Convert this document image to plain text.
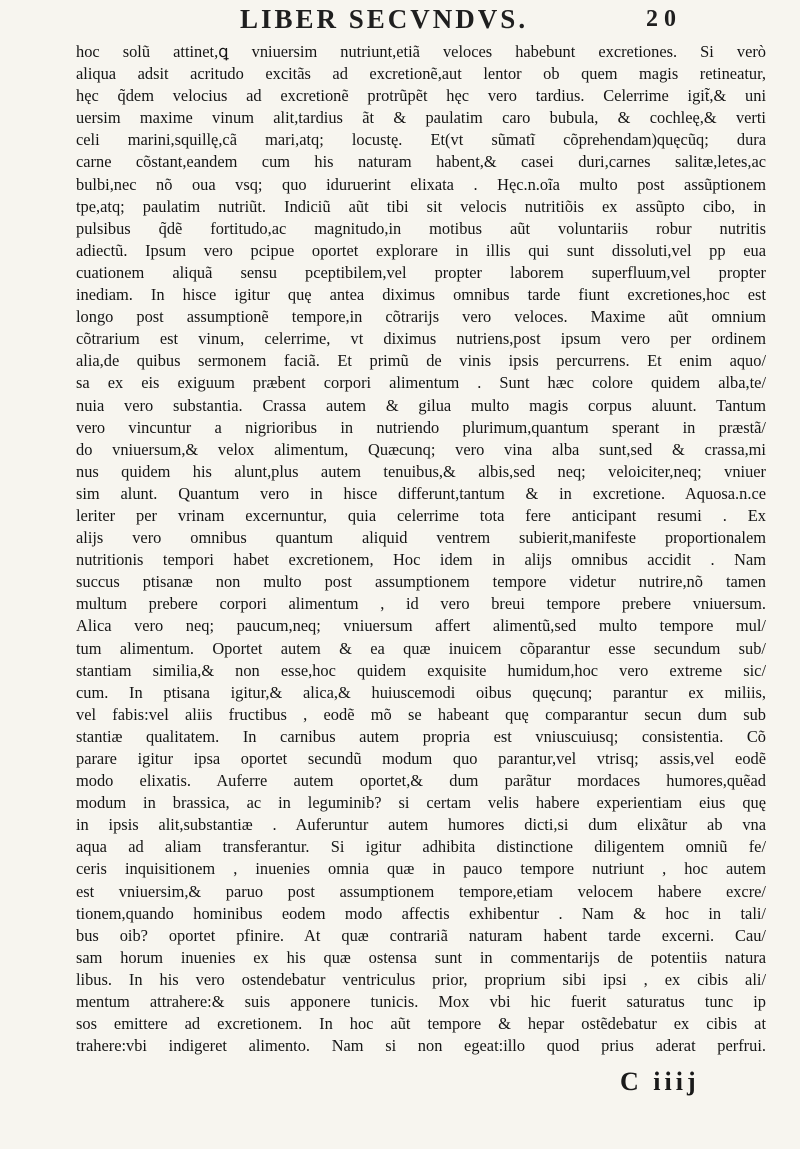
LIBER SECVNDVS.	20
hoc solũ attinet,ꝗ vniuersim nutriunt,etiã veloces habebunt excretiones. Si verò
aliqua adsit acritudo excitãs ad excretionẽ,aut lentor ob quem magis retineatur,
hęc q̃dem velocius ad excretionẽ protrũpẽt hęc vero tardius. Celerrime igit̃,& uni
uersim maxime vinum alit,tardius ãt & paulatim caro bubula, & cochleę,& verti
celi marini,squillę,cã mari,atq; locustę. Et(vt sũmatĩ cõprehendam)quęcũq; dura
carne cõstant,eandem cum his naturam habent,& casei duri,carnes salitæ,letes,ac
bulbi,nec nõ oua vsq; quo iduruerint elixata . Hęc.n.oĩa multo post assũptionem
tpe,atq; paulatim nutriũt. Indiciũ aũt tibi sit velocis nutritiõis ex assũpto cibo, in
pulsibus q̃dẽ fortitudo,ac magnitudo,in motibus aũt voluntariis robur nutritis
adiectũ. Ipsum vero pcipue oportet explorare in illis qui sunt dissoluti,vel pp eua
cuationem aliquã sensu pceptibilem,vel propter laborem superfluum,vel propter
inediam. In hisce igitur quę antea diximus omnibus tarde fiunt excretiones,hoc est
longo post assumptionẽ tempore,in cõtrarijs vero veloces. Maxime aũt omnium
cõtrarium est vinum, celerrime, vt diximus nutriens,post ipsum vero per ordinem
alia,de quibus sermonem faciã. Et primũ de vinis ipsis percurrens. Et enim aquo/
sa ex eis exiguum præbent corpori alimentum . Sunt hæc colore quidem alba,te/
nuia vero substantia. Crassa autem & gilua multo magis corpus aluunt. Tantum
vero vincuntur a nigrioribus in nutriendo plurimum,quantum sperant in præstã/
do vniuersum,& velox alimentum, Quæcunq; vero vina alba sunt,sed & crassa,mi
nus quidem his alunt,plus autem tenuibus,& albis,sed neq; veloiciter,neq; vniuer
sim alunt. Quantum vero in hisce differunt,tantum & in excretione. Aquosa.n.ce
leriter per vrinam excernuntur, quia celerrime tota fere anticipant resumi . Ex
alijs vero omnibus quantum aliquid ventrem subierit,manifeste proportionalem
nutritionis tempori habet excretionem, Hoc idem in alijs omnibus accidit . Nam
succus ptisanæ non multo post assumptionem tempore videtur nutrire,nõ tamen
multum prebere corpori alimentum , id vero breui tempore prebere vniuersum.
Alica vero neq; paucum,neq; vniuersum affert alimentũ,sed multo tempore mul/
tum alimentum. Oportet autem & ea quæ inuicem cõparantur esse secundum sub/
stantiam similia,& non esse,hoc quidem exquisite humidum,hoc vero extreme sic/
cum. In ptisana igitur,& alica,& huiuscemodi oibus quęcunq; parantur ex miliis,
vel fabis:vel aliis fructibus , eodẽ mõ se habeant quę comparantur secun dum sub
stantiæ qualitatem. In carnibus autem propria est vniuscuiusq; consistentia. Cõ
parare igitur ipsa oportet secundũ modum quo parantur,vel vtrisq; assis,vel eodẽ
modo elixatis. Auferre autem oportet,& dum parãtur mordaces humores,quẽad
modum in brassica, ac in leguminib? si certam velis habere experientiam eius quę
in ipsis alit,substantiæ . Auferuntur autem humores dicti,si dum elixãtur ab vna
aqua ad aliam transferantur. Si igitur adhibita distinctione diligentem omniũ fe/
ceris inquisitionem , inuenies omnia quæ in pauco tempore nutriunt , hoc autem
est vniuersim,& paruo post assumptionem tempore,etiam velocem habere excre/
tionem,quando hominibus eodem modo affectis exhibentur . Nam & hoc in tali/
bus oib? oportet pfinire. At quæ contrariã naturam habent tarde excerni. Cau/
sam horum inuenies ex his quæ ostensa sunt in commentarijs de potentiis natura
libus. In his vero ostendebatur ventriculus prior, proprium sibi ipsi , ex cibis ali/
mentum attrahere:& suis apponere tunicis. Mox vbi hic fuerit saturatus tunc ip
sos emittere ad excretionem. In hoc aũt tempore & hepar ostẽdebatur ex cibis at
trahere:vbi indigeret alimento. Nam si non egeat:illo quod prius aderat perfrui.
C iiij
